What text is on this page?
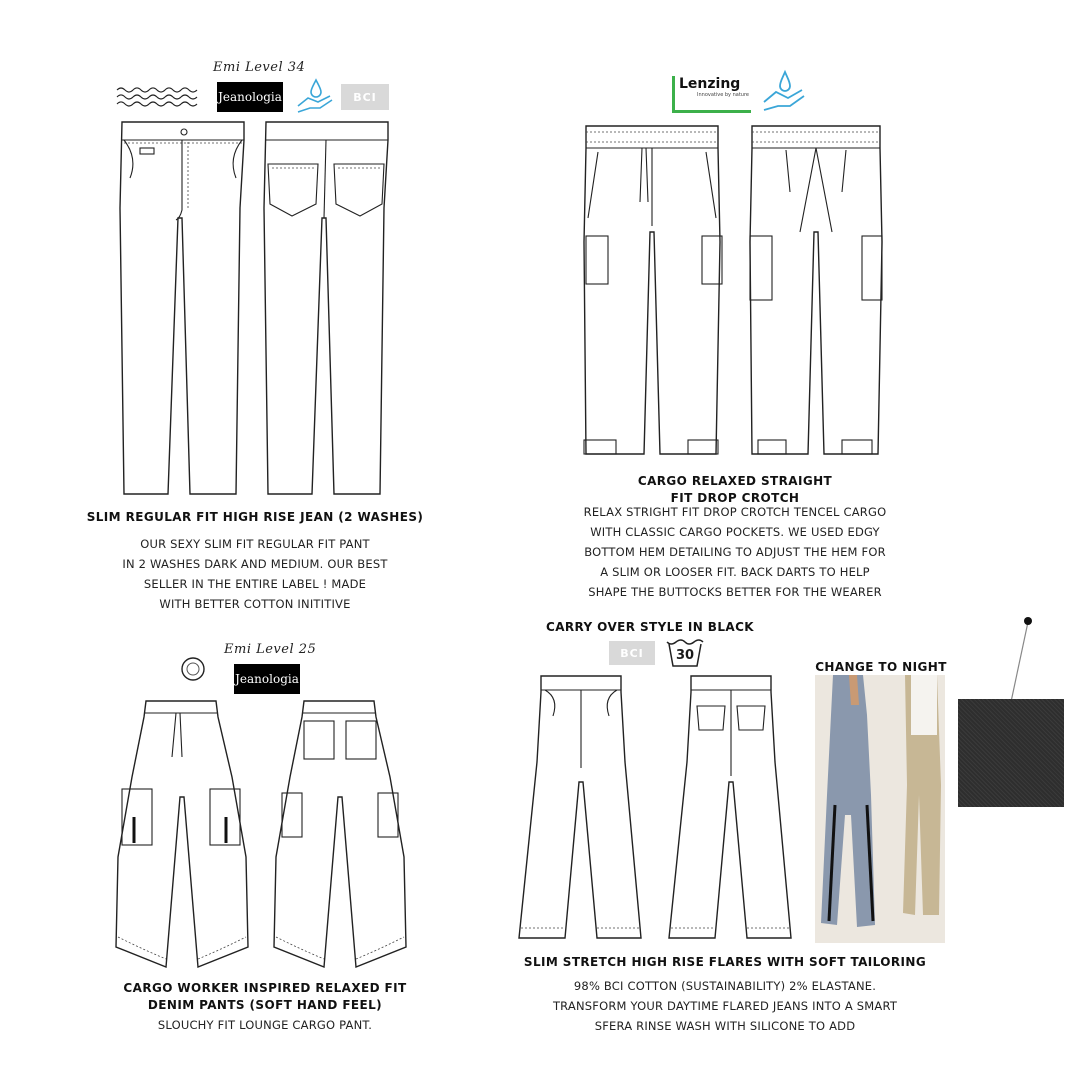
Emi Level 34
Jeanologia	BCI
SLIM REGULAR FIT HIGH RISE JEAN (2 WASHES)
OUR SEXY SLIM FIT REGULAR FIT PANT
IN 2 WASHES DARK AND MEDIUM. OUR BEST
SELLER IN THE ENTIRE LABEL ! MADE
WITH BETTER COTTON INITITIVE
Lenzing
Innovative by nature
CARGO RELAXED STRAIGHT
FIT DROP CROTCH
RELAX STRIGHT FIT DROP CROTCH TENCEL CARGO
WITH CLASSIC CARGO POCKETS. WE USED EDGY
BOTTOM HEM DETAILING TO ADJUST THE HEM FOR
A SLIM OR LOOSER FIT. BACK DARTS TO HELP
SHAPE THE BUTTOCKS BETTER FOR THE WEARER
Emi Level 25
Jeanologia
CARGO WORKER INSPIRED RELAXED FIT
DENIM PANTS (SOFT HAND FEEL)
SLOUCHY FIT LOUNGE CARGO PANT.
CARRY OVER STYLE IN BLACK
BCI	30
CHANGE TO NIGHT
SLIM STRETCH HIGH RISE FLARES WITH SOFT TAILORING
98% BCI COTTON (SUSTAINABILITY) 2% ELASTANE.
TRANSFORM YOUR DAYTIME FLARED JEANS INTO A SMART
SFERA RINSE WASH WITH SILICONE TO ADD
